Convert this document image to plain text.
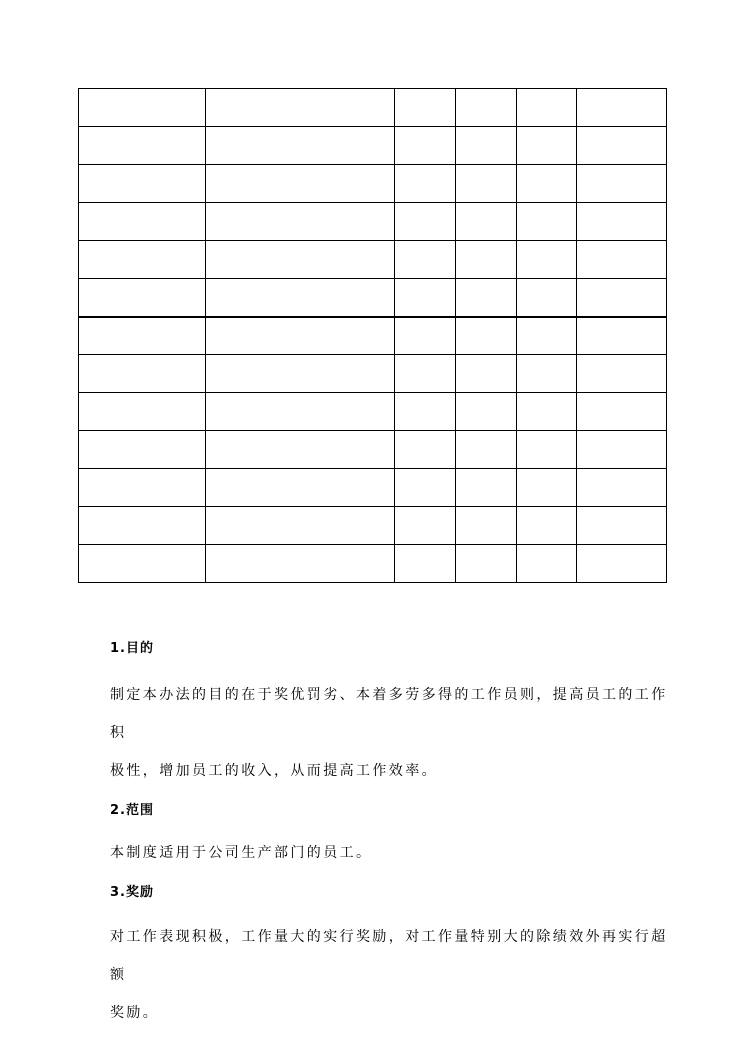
1.目的

制定本办法的目的在于奖优罚劣、本着多劳多得的工作员则，提高员工的工作积

极性，增加员工的收入，从而提高工作效率。

2.范围

本制度适用于公司生产部门的员工。

3.奖励

对工作表现积极，工作量大的实行奖励，对工作量特别大的除绩效外再实行超额

奖励。
